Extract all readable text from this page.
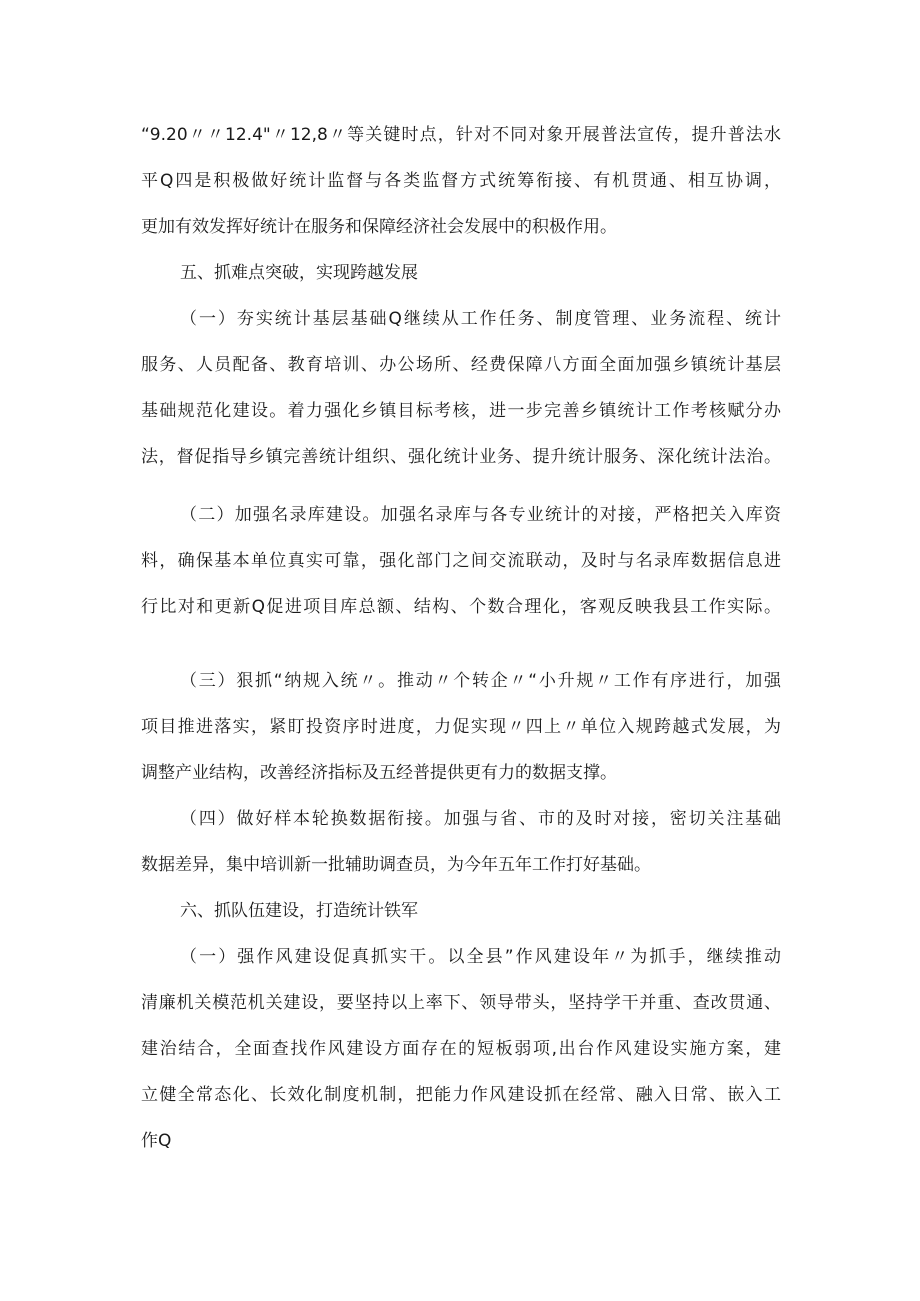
“9.20〃〃12.4"〃12,8〃等关键时点，针对不同对象开展普法宣传，提升普法水
平Q四是积极做好统计监督与各类监督方式统筹衔接、有机贯通、相互协调，
更加有效发挥好统计在服务和保障经济社会发展中的积极作用。
五、抓难点突破，实现跨越发展
（一）夯实统计基层基础Q继续从工作任务、制度管理、业务流程、统计
服务、人员配备、教育培训、办公场所、经费保障八方面全面加强乡镇统计基层
基础规范化建设。着力强化乡镇目标考核，进一步完善乡镇统计工作考核赋分办
法，督促指导乡镇完善统计组织、强化统计业务、提升统计服务、深化统计法治。
（二）加强名录库建设。加强名录库与各专业统计的对接，严格把关入库资
料，确保基本单位真实可靠，强化部门之间交流联动，及时与名录库数据信息进
行比对和更新Q促进项目库总额、结构、个数合理化，客观反映我县工作实际。
（三）狠抓“纳规入统〃。推动〃个转企〃“小升规〃工作有序进行，加强
项目推进落实，紧盯投资序时进度，力促实现〃四上〃单位入规跨越式发展，为
调整产业结构，改善经济指标及五经普提供更有力的数据支撑。
（四）做好样本轮换数据衔接。加强与省、市的及时对接，密切关注基础
数据差异，集中培训新一批辅助调查员，为今年五年工作打好基础。
六、抓队伍建设，打造统计铁军
（一）强作风建设促真抓实干。以全县”作风建设年〃为抓手，继续推动
清廉机关模范机关建设，要坚持以上率下、领导带头，坚持学干并重、查改贯通、
建治结合，全面查找作风建设方面存在的短板弱项,出台作风建设实施方案，建
立健全常态化、长效化制度机制，把能力作风建设抓在经常、融入日常、嵌入工
作Q
